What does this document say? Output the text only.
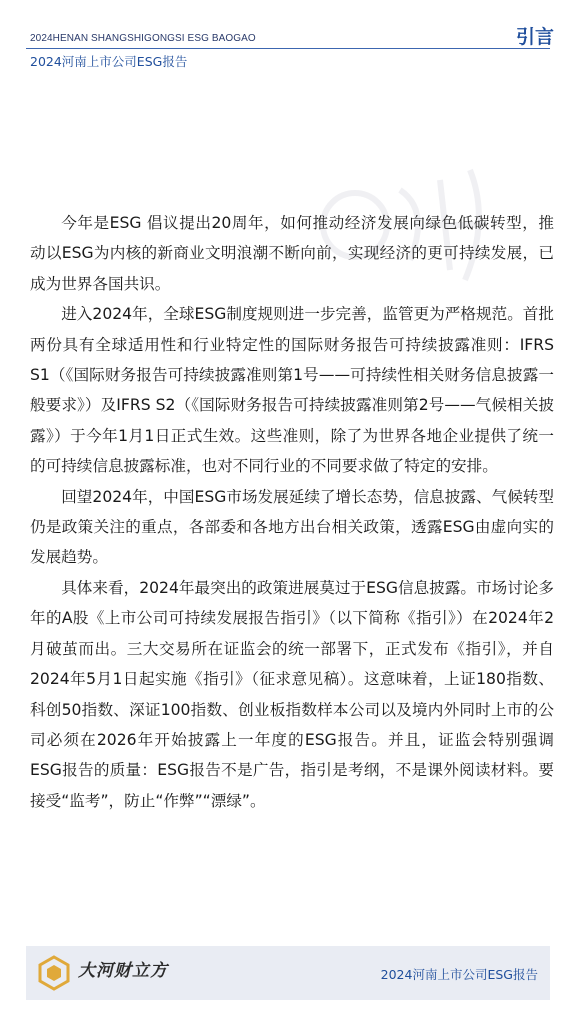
2024HENAN SHANGSHIGONGSI ESG BAOGAO	引言
2024河南上市公司ESG报告

今年是ESG 倡议提出20周年，如何推动经济发展向绿色低碳转型，推动以ESG为内核的新商业文明浪潮不断向前，实现经济的更可持续发展，已成为世界各国共识。

进入2024年，全球ESG制度规则进一步完善，监管更为严格规范。首批两份具有全球适用性和行业特定性的国际财务报告可持续披露准则：IFRS S1（《国际财务报告可持续披露准则第1号——可持续性相关财务信息披露一般要求》）及IFRS S2（《国际财务报告可持续披露准则第2号——气候相关披露》）于今年1月1日正式生效。这些准则，除了为世界各地企业提供了统一的可持续信息披露标准，也对不同行业的不同要求做了特定的安排。

回望2024年，中国ESG市场发展延续了增长态势，信息披露、气候转型仍是政策关注的重点，各部委和各地方出台相关政策，透露ESG由虚向实的发展趋势。

具体来看，2024年最突出的政策进展莫过于ESG信息披露。市场讨论多年的A股《上市公司可持续发展报告指引》（以下简称《指引》）在2024年2月破茧而出。三大交易所在证监会的统一部署下，正式发布《指引》，并自2024年5月1日起实施《指引》（征求意见稿）。这意味着，上证180指数、科创50指数、深证100指数、创业板指数样本公司以及境内外同时上市的公司必须在2026年开始披露上一年度的ESG报告。并且，证监会特别强调ESG报告的质量：ESG报告不是广告，指引是考纲，不是课外阅读材料。要接受“监考”，防止“作弊”“漂绿”。

大河财立方	2024河南上市公司ESG报告
